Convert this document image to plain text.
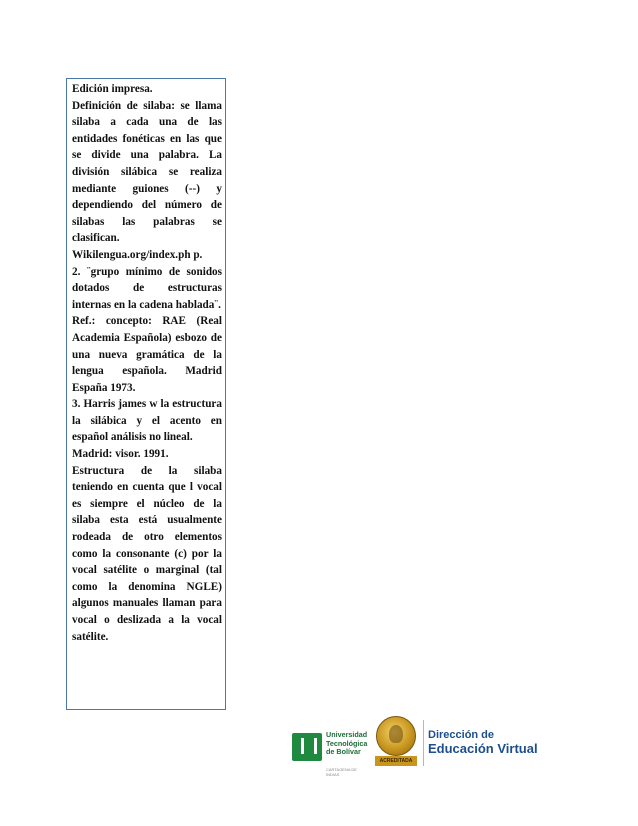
Edición impresa.

Definición de silaba: se llama silaba a cada una de las entidades fonéticas en las que se divide una palabra. La división silábica se realiza mediante guiones (--) y dependiendo del número de silabas las palabras se clasifican.

Wikilengua.org/index.ph p.

2. ¨grupo mínimo de sonidos dotados de estructuras internas en la cadena hablada¨.

Ref.: concepto: RAE (Real Academia Española) esbozo de una nueva gramática de la lengua española. Madrid España 1973.

3. Harris james w la estructura la silábica y el acento en español análisis no lineal.

Madrid: visor. 1991.

Estructura de la silaba teniendo en cuenta que l vocal es siempre el núcleo de la silaba esta está usualmente rodeada de otro elementos como la consonante (c) por la vocal satélite o marginal (tal como la denomina NGLE) algunos manuales llaman para vocal o deslizada a la vocal satélite.

Universidad
Tecnológica
de Bolívar
CARTAGENA DE INDIAS
ACREDITADA
Dirección de
Educación Virtual
